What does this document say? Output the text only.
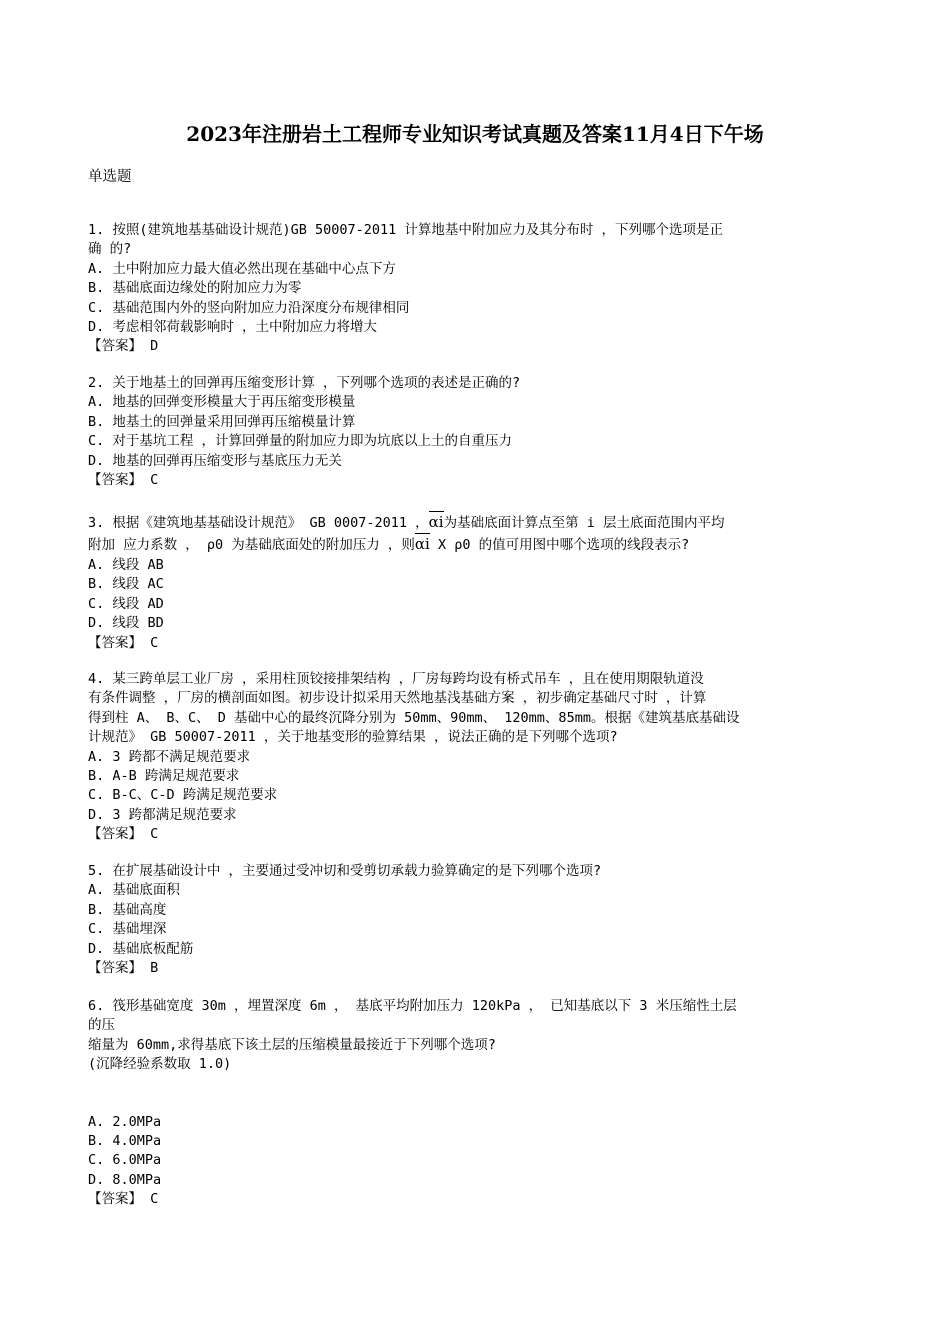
2023年注册岩土工程师专业知识考试真题及答案11月4日下午场
单选题
1. 按照(建筑地基基础设计规范)GB 50007-2011 计算地基中附加应力及其分布时 ，下列哪个选项是正
确 的?
A. 土中附加应力最大值必然出现在基础中心点下方
B. 基础底面边缘处的附加应力为零
C. 基础范围内外的竖向附加应力沿深度分布规律相同
D. 考虑相邻荷载影响时 ，土中附加应力将增大
【答案】 D
2. 关于地基土的回弹再压缩变形计算 ，下列哪个选项的表述是正确的?
A. 地基的回弹变形模量大于再压缩变形模量
B. 地基土的回弹量采用回弹再压缩模量计算
C. 对于基坑工程 ，计算回弹量的附加应力即为坑底以上土的自重压力
D. 地基的回弹再压缩变形与基底压力无关
【答案】 C
3. 根据《建筑地基基础设计规范》 GB 0007-2011 ，
αi为基础底面计算点至第 i 层土底面范围内平均
附加 应力系数 ， ρ0 为基础底面处的附加压力 ，则
αi X ρ0 的值可用图中哪个选项的线段表示?
A. 线段 AB
B. 线段 AC
C. 线段 AD
D. 线段 BD
【答案】 C
4. 某三跨单层工业厂房 ，采用柱顶铰接排架结构 ，厂房每跨均设有桥式吊车 ，且在使用期限轨道没
有条件调整 ，厂房的横剖面如图。初步设计拟采用天然地基浅基础方案 ，初步确定基础尺寸时 ，计算
得到柱 A、 B、C、 D 基础中心的最终沉降分别为 50mm、90mm、 120mm、85mm。根据《建筑基底基础设
计规范》 GB 50007-2011 ，关于地基变形的验算结果 ，说法正确的是下列哪个选项?
A. 3 跨都不满足规范要求
B. A-B 跨满足规范要求
C. B-C、C-D 跨满足规范要求
D. 3 跨都满足规范要求
【答案】 C
5. 在扩展基础设计中 ，主要通过受冲切和受剪切承载力验算确定的是下列哪个选项?
A. 基础底面积
B. 基础高度
C. 基础埋深
D. 基础底板配筋
【答案】 B
6. 筏形基础宽度 30m ，埋置深度 6m ， 基底平均附加压力 120kPa ， 已知基底以下 3 米压缩性土层
的压
缩量为 60mm,求得基底下该土层的压缩模量最接近于下列哪个选项?
(沉降经验系数取 1.0)
A. 2.0MPa
B. 4.0MPa
C. 6.0MPa
D. 8.0MPa
【答案】 C
